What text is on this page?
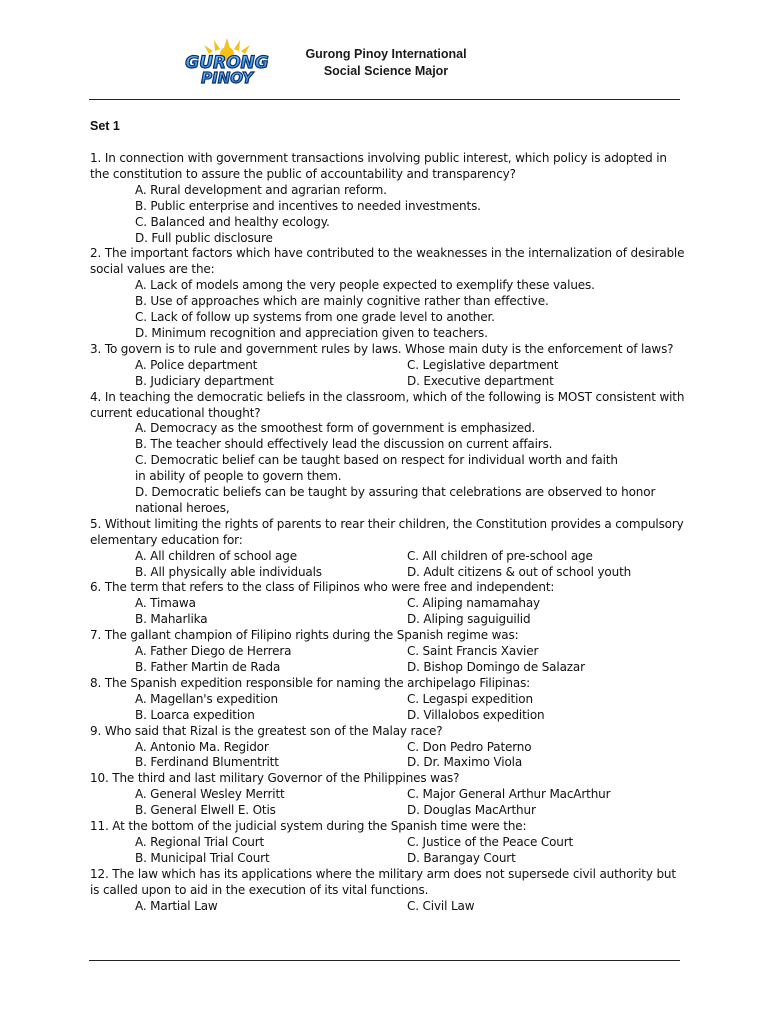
GURONG
PINOY
Gurong Pinoy International
Social Science Major
Set 1

1. In connection with government transactions involving public interest, which policy is adopted in the constitution to assure the public of accountability and transparency?

A. Rural development and agrarian reform.

B. Public enterprise and incentives to needed investments.

C. Balanced and healthy ecology.

D. Full public disclosure

2. The important factors which have contributed to the weaknesses in the internalization of desirable social values are the:

A. Lack of models among the very people expected to exemplify these values.

B. Use of approaches which are mainly cognitive rather than effective.

C. Lack of follow up systems from one grade level to another.

D. Minimum recognition and appreciation given to teachers.

3. To govern is to rule and government rules by laws. Whose main duty is the enforcement of laws?

A. Police department	C. Legislative department
B. Judiciary department	D. Executive department

4. In teaching the democratic beliefs in the classroom, which of the following is MOST consistent with current educational thought?

A. Democracy as the smoothest form of government is emphasized.

B. The teacher should effectively lead the discussion on current affairs.

C. Democratic belief can be taught based on respect for individual worth and faith

in ability of people to govern them.

D. Democratic beliefs can be taught by assuring that celebrations are observed to honor

national heroes,

5. Without limiting the rights of parents to rear their children, the Constitution provides a compulsory elementary education for:

A. All children of school age	C. All children of pre-school age
B. All physically able individuals	D. Adult citizens & out of school youth

6. The term that refers to the class of Filipinos who were free and independent:

A. Timawa	C. Aliping namamahay
B. Maharlika	D. Aliping saguiguilid

7. The gallant champion of Filipino rights during the Spanish regime was:

A. Father Diego de Herrera	C. Saint Francis Xavier
B. Father Martin de Rada	D. Bishop Domingo de Salazar

8. The Spanish expedition responsible for naming the archipelago Filipinas:

A. Magellan's expedition	C. Legaspi expedition
B. Loarca expedition	D. Villalobos expedition

9. Who said that Rizal is the greatest son of the Malay race?

A. Antonio Ma. Regidor	C. Don Pedro Paterno
B. Ferdinand Blumentritt	D. Dr. Maximo Viola

10. The third and last military Governor of the Philippines was?

A. General Wesley Merritt	C. Major General Arthur MacArthur
B. General Elwell E. Otis	D. Douglas MacArthur

11. At the bottom of the judicial system during the Spanish time were the:

A. Regional Trial Court	C. Justice of the Peace Court
B. Municipal Trial Court	D. Barangay Court

12. The law which has its applications where the military arm does not supersede civil authority but is called upon to aid in the execution of its vital functions.

A. Martial Law	C. Civil Law
